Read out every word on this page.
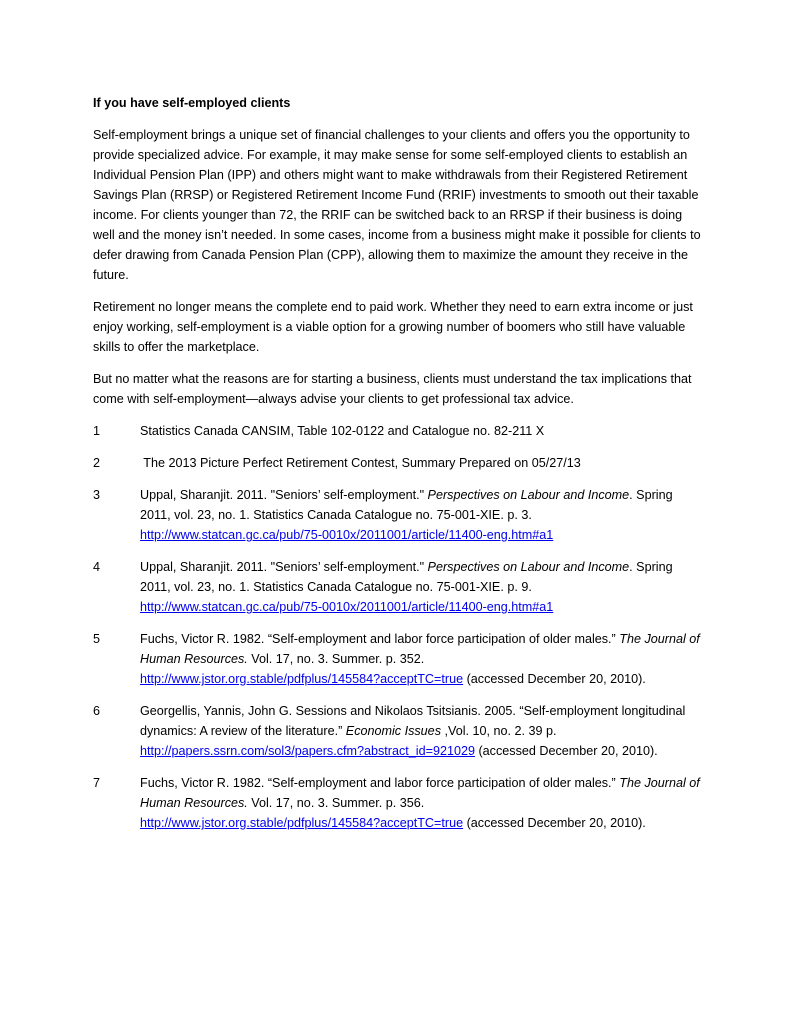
If you have self-employed clients

Self-employment brings a unique set of financial challenges to your clients and offers you the opportunity to provide specialized advice. For example, it may make sense for some self-employed clients to establish an Individual Pension Plan (IPP) and others might want to make withdrawals from their Registered Retirement Savings Plan (RRSP) or Registered Retirement Income Fund (RRIF) investments to smooth out their taxable income. For clients younger than 72, the RRIF can be switched back to an RRSP if their business is doing well and the money isn’t needed. In some cases, income from a business might make it possible for clients to defer drawing from Canada Pension Plan (CPP), allowing them to maximize the amount they receive in the future.

Retirement no longer means the complete end to paid work. Whether they need to earn extra income or just enjoy working, self-employment is a viable option for a growing number of boomers who still have valuable skills to offer the marketplace.

But no matter what the reasons are for starting a business, clients must understand the tax implications that come with self-employment—always advise your clients to get professional tax advice.

1	Statistics Canada CANSIM, Table 102-0122 and Catalogue no. 82-211 X
2	The 2013 Picture Perfect Retirement Contest, Summary Prepared on 05/27/13
3	Uppal, Sharanjit. 2011. "Seniors’ self-employment." Perspectives on Labour and Income. Spring 2011, vol. 23, no. 1. Statistics Canada Catalogue no. 75-001-XIE. p. 3.
http://www.statcan.gc.ca/pub/75-0010x/2011001/article/11400-eng.htm#a1
4	Uppal, Sharanjit. 2011. "Seniors’ self-employment." Perspectives on Labour and Income. Spring 2011, vol. 23, no. 1. Statistics Canada Catalogue no. 75-001-XIE. p. 9.
http://www.statcan.gc.ca/pub/75-0010x/2011001/article/11400-eng.htm#a1
5	Fuchs, Victor R. 1982. “Self-employment and labor force participation of older males.” The Journal of Human Resources. Vol. 17, no. 3. Summer. p. 352.
http://www.jstor.org.stable/pdfplus/145584?acceptTC=true (accessed December 20, 2010).
6	Georgellis, Yannis, John G. Sessions and Nikolaos Tsitsianis. 2005. “Self-employment longitudinal dynamics: A review of the literature.” Economic Issues ,Vol. 10, no. 2. 39 p.
http://papers.ssrn.com/sol3/papers.cfm?abstract_id=921029 (accessed December 20, 2010).
7	Fuchs, Victor R. 1982. “Self-employment and labor force participation of older males.” The Journal of Human Resources. Vol. 17, no. 3. Summer. p. 356.
http://www.jstor.org.stable/pdfplus/145584?acceptTC=true (accessed December 20, 2010).
